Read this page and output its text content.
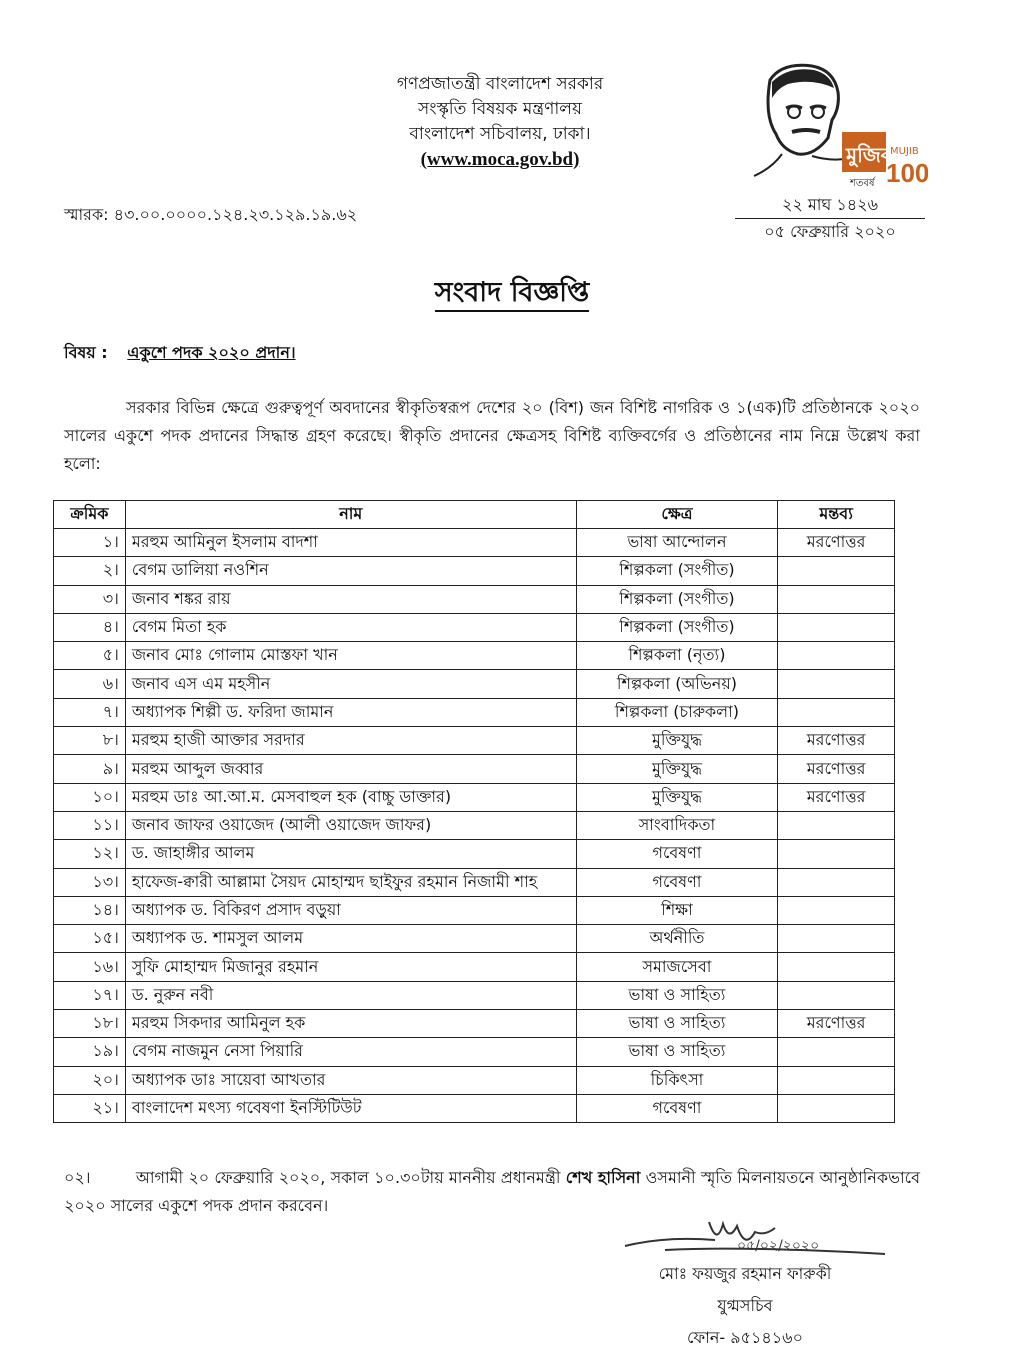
গণপ্রজাতন্ত্রী বাংলাদেশ সরকার
সংস্কৃতি বিষয়ক মন্ত্রণালয়
বাংলাদেশ সচিবালয়, ঢাকা।
(www.moca.gov.bd)	মুজিব
MUJIB
100
শতবর্ষ
২২ মাঘ ১৪২৬
০৫ ফেব্রুয়ারি ২০২০
স্মারক: ৪৩.০০.০০০০.১২৪.২৩.১২৯.১৯.৬২
সংবাদ বিজ্ঞপ্তি
বিষয় : একুশে পদক ২০২০ প্রদান।
সরকার বিভিন্ন ক্ষেত্রে গুরুত্বপূর্ণ অবদানের স্বীকৃতিস্বরূপ দেশের ২০ (বিশ) জন বিশিষ্ট নাগরিক ও ১(এক)টি প্রতিষ্ঠানকে ২০২০ সালের একুশে পদক প্রদানের সিদ্ধান্ত গ্রহণ করেছে। স্বীকৃতি প্রদানের ক্ষেত্রসহ বিশিষ্ট ব্যক্তিবর্গের ও প্রতিষ্ঠানের নাম নিম্নে উল্লেখ করা হলো:
ক্রমিক	নাম	ক্ষেত্র	মন্তব্য
১।	মরহুম আমিনুল ইসলাম বাদশা	ভাষা আন্দোলন	মরণোত্তর
২।	বেগম ডালিয়া নওশিন	শিল্পকলা (সংগীত)	
৩।	জনাব শঙ্কর রায়	শিল্পকলা (সংগীত)	
৪।	বেগম মিতা হক	শিল্পকলা (সংগীত)	
৫।	জনাব মোঃ গোলাম মোস্তফা খান	শিল্পকলা (নৃত্য)	
৬।	জনাব এস এম মহসীন	শিল্পকলা (অভিনয়)	
৭।	অধ্যাপক শিল্পী ড. ফরিদা জামান	শিল্পকলা (চারুকলা)	
৮।	মরহুম হাজী আক্তার সরদার	মুক্তিযুদ্ধ	মরণোত্তর
৯।	মরহুম আব্দুল জব্বার	মুক্তিযুদ্ধ	মরণোত্তর
১০।	মরহুম ডাঃ আ.আ.ম. মেসবাহুল হক (বাচ্চু ডাক্তার)	মুক্তিযুদ্ধ	মরণোত্তর
১১।	জনাব জাফর ওয়াজেদ (আলী ওয়াজেদ জাফর)	সাংবাদিকতা	
১২।	ড. জাহাঙ্গীর আলম	গবেষণা	
১৩।	হাফেজ-ক্বারী আল্লামা সৈয়দ মোহাম্মদ ছাইফুর রহমান নিজামী শাহ	গবেষণা	
১৪।	অধ্যাপক ড. বিকিরণ প্রসাদ বড়ুয়া	শিক্ষা	
১৫।	অধ্যাপক ড. শামসুল আলম	অর্থনীতি	
১৬।	সুফি মোহাম্মদ মিজানুর রহমান	সমাজসেবা	
১৭।	ড. নুরুন নবী	ভাষা ও সাহিত্য	
১৮।	মরহুম সিকদার আমিনুল হক	ভাষা ও সাহিত্য	মরণোত্তর
১৯।	বেগম নাজমুন নেসা পিয়ারি	ভাষা ও সাহিত্য	
২০।	অধ্যাপক ডাঃ সায়েবা আখতার	চিকিৎসা	
২১।	বাংলাদেশ মৎস্য গবেষণা ইনস্টিটিউট	গবেষণা	
০২।	আগামী ২০ ফেব্রুয়ারি ২০২০, সকাল ১০.৩০টায় মাননীয় প্রধানমন্ত্রী শেখ হাসিনা ওসমানী স্মৃতি মিলনায়তনে আনুষ্ঠানিকভাবে ২০২০ সালের একুশে পদক প্রদান করবেন।
০৫/০২/২০২০
মোঃ ফয়জুর রহমান ফারুকী
যুগ্মসচিব
ফোন- ৯৫১৪১৬০
